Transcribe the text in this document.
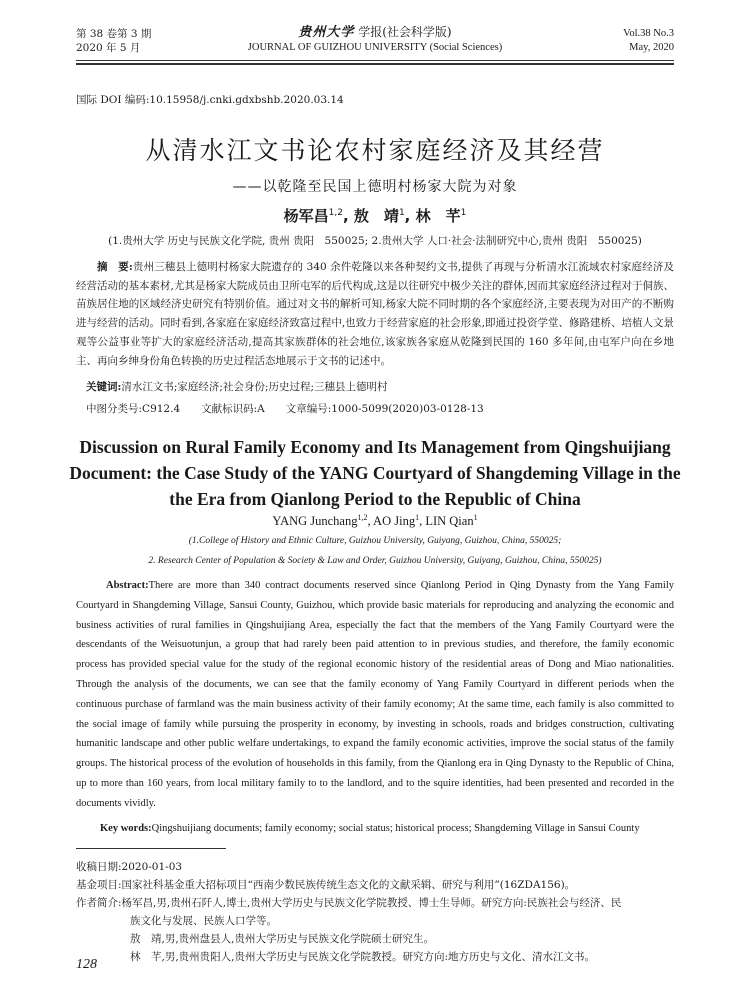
第 38 卷第 3 期
2020 年 5 月
贵州大学 学报(社会科学版)
JOURNAL OF GUIZHOU UNIVERSITY (Social Sciences)
Vol.38 No.3
May, 2020
国际 DOI 编码:10.15958/j.cnki.gdxbshb.2020.03.14
从清水江文书论农村家庭经济及其经营
——以乾隆至民国上德明村杨家大院为对象
杨军昌$^{1,2}$, 敖　靖$^1$, 林　芊$^1$
(1.贵州大学 历史与民族文化学院, 贵州 贵阳　550025; 2.贵州大学 人口·社会·法制研究中心,贵州 贵阳　550025)
摘　要:贵州三穗县上德明村杨家大院遗存的 340 余件乾隆以来各种契约文书,提供了再现与分析清水江流域农村家庭经济及经营活动的基本素材,尤其是杨家大院成员由卫所屯军的后代构成,这是以往研究中极少关注的群体,因而其家庭经济过程对于侗族、苗族居住地的区域经济史研究有特别价值。通过对文书的解析可知,杨家大院不同时期的各个家庭经济,主要表现为对田产的不断购进与经营的活动。同时看到,各家庭在家庭经济致富过程中,也致力于经营家庭的社会形象,即通过投资学堂、修路建桥、培植人文景观等公益事业等扩大的家庭经济活动,提高其家族群体的社会地位,该家族各家庭从乾隆到民国的 160 多年间,由屯军户向在乡地主、再向乡绅身份角色转换的历史过程活态地展示于文书的记述中。
关键词:清水江文书;家庭经济;社会身份;历史过程;三穗县上德明村
中图分类号:C912.4　　文献标识码:A　　文章编号:1000-5099(2020)03-0128-13
Discussion on Rural Family Economy and Its Management from Qingshuijiang Document: the Case Study of the YANG Courtyard of Shangdeming Village in the the Era from Qianlong Period to the Republic of China
YANG Junchang$^{1,2}$, AO Jing$^1$, LIN Qian$^1$
(1.College of History and Ethnic Culture, Guizhou University, Guiyang, Guizhou, China, 550025;
2. Research Center of Population & Society & Law and Order, Guizhou University, Guiyang, Guizhou, China, 550025)
Abstract:There are more than 340 contract documents reserved since Qianlong Period in Qing Dynasty from the Yang Family Courtyard in Shangdeming Village, Sansui County, Guizhou, which provide basic materials for reproducing and analyzing the economic and business activities of rural families in Qingshuijiang Area, especially the fact that the members of the Yang Family Courtyard were the descendants of the Weisuotunjun, a group that had rarely been paid attention to in previous studies, and therefore, the family economic process has provided special value for the study of the regional economic history of the residential areas of Dong and Miao nationalities. Through the analysis of the documents, we can see that the family economy of Yang Family Courtyard in different periods when the continuous purchase of farmland was the main business activity of their family economy; At the same time, each family is also committed to the social image of family while pursuing the prosperity in economy, by investing in schools, roads and bridges construction, cultivating humanitic landscape and other public welfare undertakings, to expand the family economic activities, improve the social status of the family groups. The historical process of the evolution of households in this family, from the Qianlong era in Qing Dynasty to the Republic of China, up to more than 160 years, from local military family to to the landlord, and to the squire identities, had been presented and recorded in the documents vividly.
Key words:Qingshuijiang documents; family economy; social status; historical process; Shangdeming Village in Sansui County
收稿日期:2020-01-03
基金项目:国家社科基金重大招标项目“西南少数民族传统生态文化的文献采辑、研究与利用”(16ZDA156)。
作者简介:杨军昌,男,贵州石阡人,博士,贵州大学历史与民族文化学院教授、博士生导师。研究方向:民族社会与经济、民
族文化与发展、民族人口学等。
敖　靖,男,贵州盘县人,贵州大学历史与民族文化学院硕士研究生。
林　芊,男,贵州贵阳人,贵州大学历史与民族文化学院教授。研究方向:地方历史与文化、清水江文书。
128
